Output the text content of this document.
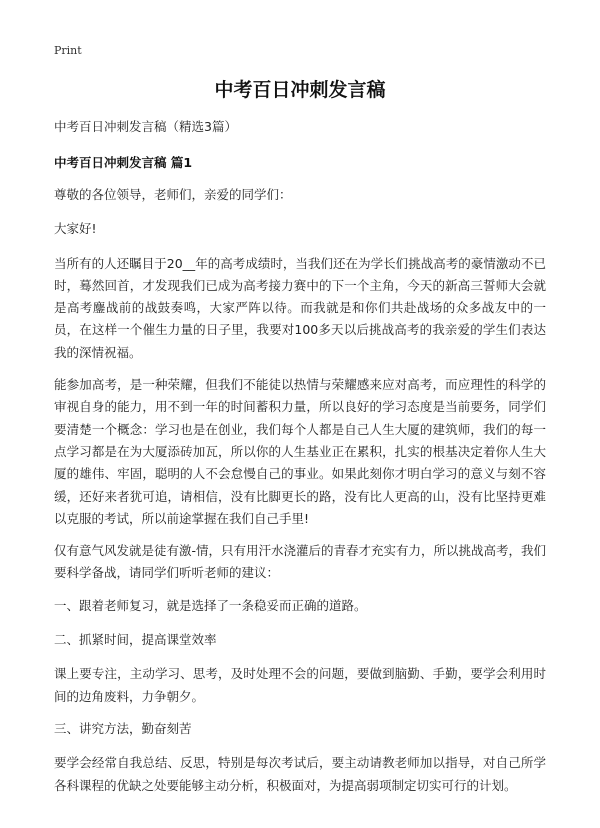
Print
中考百日冲刺发言稿
中考百日冲刺发言稿（精选3篇）
中考百日冲刺发言稿 篇1

尊敬的各位领导，老师们，亲爱的同学们：

大家好!

当所有的人还瞩目于20__年的高考成绩时，当我们还在为学长们挑战高考的豪情激动不已时，蓦然回首，才发现我们已成为高考接力赛中的下一个主角，今天的新高三誓师大会就是高考鏖战前的战鼓奏鸣，大家严阵以待。而我就是和你们共赴战场的众多战友中的一员，在这样一个催生力量的日子里，我要对100多天以后挑战高考的我亲爱的学生们表达我的深情祝福。

能参加高考，是一种荣耀，但我们不能徒以热情与荣耀感来应对高考，而应理性的科学的审视自身的能力，用不到一年的时间蓄积力量，所以良好的学习态度是当前要务，同学们要清楚一个概念：学习也是在创业，我们每个人都是自己人生大厦的建筑师，我们的每一点学习都是在为大厦添砖加瓦，所以你的人生基业正在累积，扎实的根基决定着你人生大厦的雄伟、牢固，聪明的人不会怠慢自己的事业。如果此刻你才明白学习的意义与刻不容缓，还好来者犹可追，请相信，没有比脚更长的路，没有比人更高的山，没有比坚持更难以克服的考试，所以前途掌握在我们自己手里!

仅有意气风发就是徒有激-情，只有用汗水浇灌后的青春才充实有力，所以挑战高考，我们要科学备战，请同学们听听老师的建议：

一、跟着老师复习，就是选择了一条稳妥而正确的道路。

二、抓紧时间，提高课堂效率

课上要专注，主动学习、思考，及时处理不会的问题，要做到脑勤、手勤，要学会利用时间的边角废料，力争朝夕。

三、讲究方法，勤奋刻苦

要学会经常自我总结、反思，特别是每次考试后，要主动请教老师加以指导，对自己所学各科课程的优缺之处要能够主动分析，积极面对，为提高弱项制定切实可行的计划。
